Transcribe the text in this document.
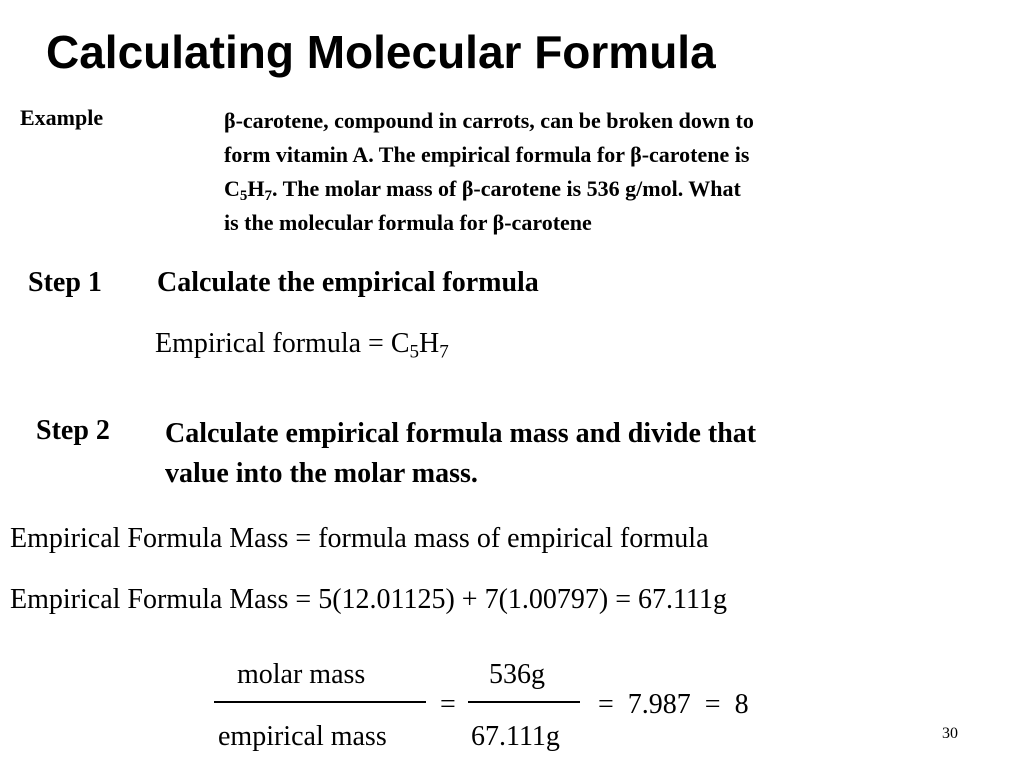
Calculating Molecular Formula
Example	β-carotene, compound in carrots, can be broken down to
form vitamin A. The empirical formula for β-carotene is
$C_5H_7$. The molar mass of β-carotene is 536 g/mol. What
is the molecular formula for β-carotene
Step 1 Calculate the empirical formula
Empirical formula = $C_5H_7$
Step 2 Calculate empirical formula mass and divide that
value into the molar mass.
Empirical Formula Mass = formula mass of empirical formula
Empirical Formula Mass = 5(12.01125) + 7(1.00797) = 67.111g
molar mass
empirical mass
=
536g
67.111g
=  7.987  =  8
30
